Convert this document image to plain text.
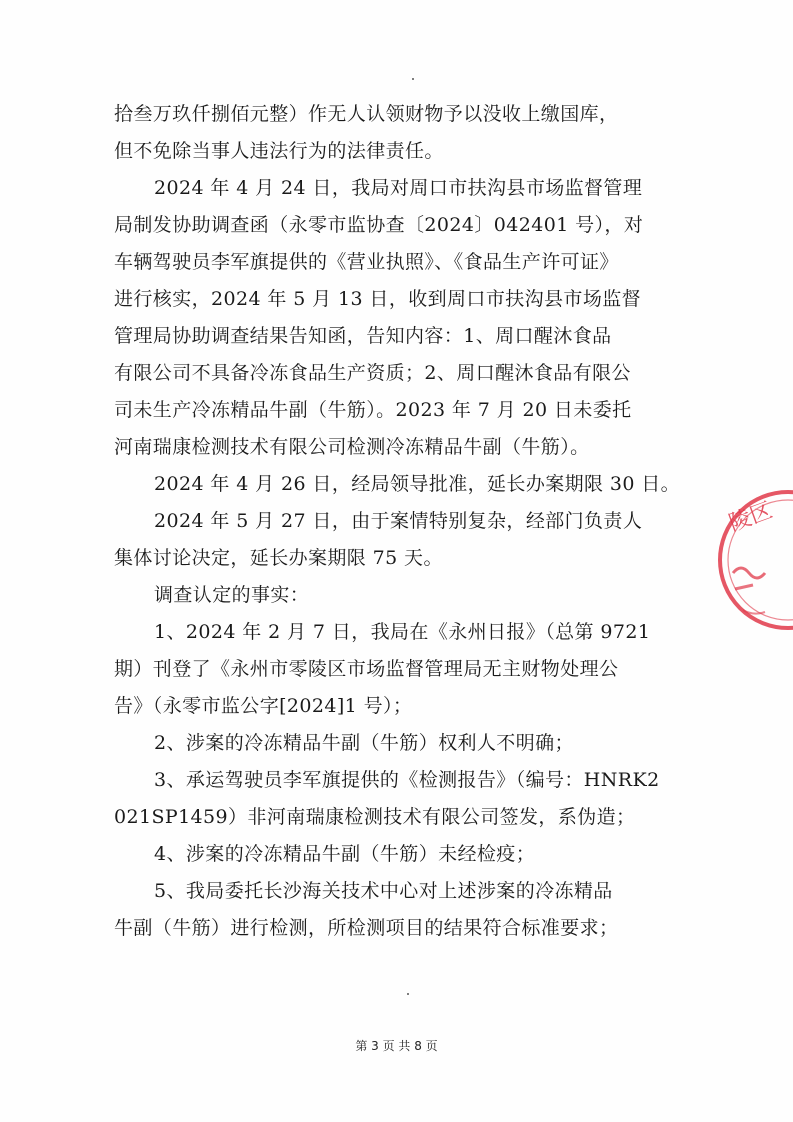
拾叁万玖仟捌佰元整）作无人认领财物予以没收上缴国库，
但不免除当事人违法行为的法律责任。
2024 年 4 月 24 日，我局对周口市扶沟县市场监督管理
局制发协助调查函（永零市监协查〔2024〕042401 号），对
车辆驾驶员李军旗提供的《营业执照》、《食品生产许可证》
进行核实，2024 年 5 月 13 日，收到周口市扶沟县市场监督
管理局协助调查结果告知函，告知内容：1、周口醒沐食品
有限公司不具备冷冻食品生产资质；2、周口醒沐食品有限公
司未生产冷冻精品牛副（牛筋）。2023 年 7 月 20 日未委托
河南瑞康检测技术有限公司检测冷冻精品牛副（牛筋）。
2024 年 4 月 26 日，经局领导批准，延长办案期限 30 日。
2024 年 5 月 27 日，由于案情特别复杂，经部门负责人
集体讨论决定，延长办案期限 75 天。
调查认定的事实：
1、2024 年 2 月 7 日，我局在《永州日报》（总第 9721
期）刊登了《永州市零陵区市场监督管理局无主财物处理公
告》（永零市监公字[2024]1 号）；
2、涉案的冷冻精品牛副（牛筋）权利人不明确；
3、承运驾驶员李军旗提供的《检测报告》（编号：HNRK2
021SP1459）非河南瑞康检测技术有限公司签发，系伪造；
4、涉案的冷冻精品牛副（牛筋）未经检疫；
5、我局委托长沙海关技术中心对上述涉案的冷冻精品
牛副（牛筋）进行检测，所检测项目的结果符合标准要求；
陵区
第 3 页 共 8 页
